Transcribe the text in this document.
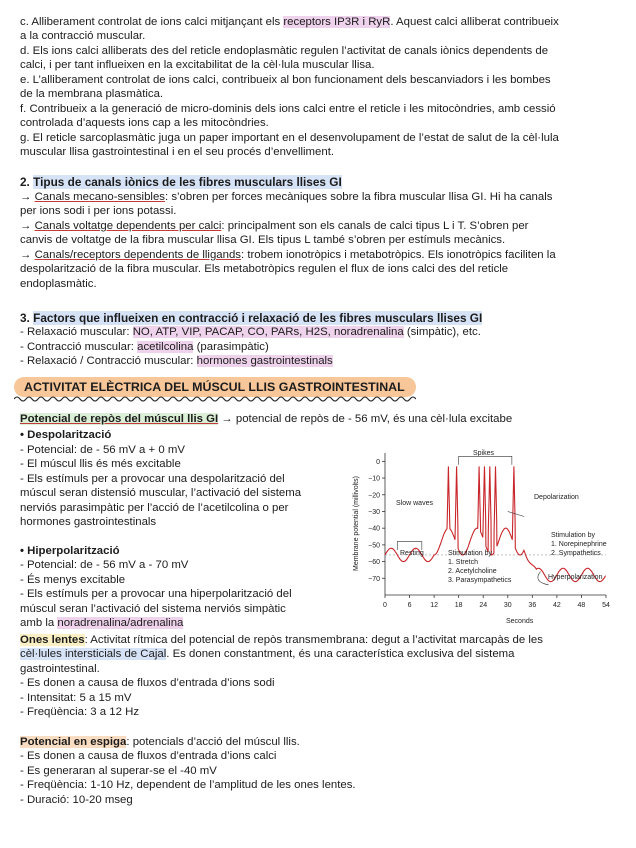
c. Alliberament controlat de ions calci mitjançant els receptors IP3R i RyR. Aquest calci alliberat contribueix
a la contracció muscular.
d. Els ions calci alliberats des del reticle endoplasmàtic regulen l’activitat de canals iònics dependents de
calci, i per tant influeixen en la excitabilitat de la cèl·lula muscular llisa.
e. L’alliberament controlat de ions calci, contribueix al bon funcionament dels bescanviadors i les bombes
de la membrana plasmàtica.
f. Contribueix a la generació de micro-dominis dels ions calci entre el reticle i les mitocòndries, amb cessió
controlada d’aquests ions cap a les mitocòndries.
g. El reticle sarcoplasmàtic juga un paper important en el desenvolupament de l’estat de salut de la cèl·lula
muscular llisa gastrointestinal i en el seu procés d’envelliment.
2. Tipus de canals iònics de les fibres musculars llises GI
→ Canals mecano-sensibles: s’obren per forces mecàniques sobre la fibra muscular llisa GI. Hi ha canals
per ions sodi i per ions potassi.
→ Canals voltatge dependents per calci: principalment son els canals de calci tipus L i T. S’obren per
canvis de voltatge de la fibra muscular llisa GI. Els tipus L també s’obren per estímuls mecànics.
→ Canals/receptors dependents de lligands: trobem ionotròpics i metabotròpics. Els ionotròpics faciliten la
despolarització de la fibra muscular. Els metabotròpics regulen el flux de ions calci des del reticle
endoplasmàtic.
3. Factors que influeixen en contracció i relaxació de les fibres musculars llises GI
- Relaxació muscular: NO, ATP, VIP, PACAP, CO, PARs, H2S, noradrenalina (simpàtic), etc.
- Contracció muscular: acetilcolina (parasimpàtic)
- Relaxació / Contracció muscular: hormones gastrointestinals
ACTIVITAT ELÈCTRICA DEL MÚSCUL LLIS GASTROINTESTINAL
Potencial de repòs del múscul llis GI → potencial de repòs de - 56 mV, és una cèl·lula excitabe
• Despolarització
- Potencial: de - 56 mV a + 0 mV
- El múscul llis és més excitable
- Els estímuls per a provocar una despolarització del
múscul seran distensió muscular, l’activació del sistema
nerviós parasimpàtic per l’acció de l’acetilcolina o per
hormones gastrointestinals
• Hiperpolarització
- Potencial: de - 56 mV a - 70 mV
- És menys excitable
- Els estímuls per a provocar una hiperpolarització del
múscul seran l’activació del sistema nerviós simpàtic
amb la noradrenalina/adrenalina
Ones lentes: Activitat rítmica del potencial de repòs transmembrana: degut a l’activitat marcapàs de les
cèl·lules intersticials de Cajal. Es donen constantment, és una característica exclusiva del sistema
gastrointestinal.
- Es donen a causa de fluxos d’entrada d’ions sodi
- Intensitat: 5 a 15 mV
- Freqüència: 3 a 12 Hz
Potencial en espiga: potencials d’acció del múscul llis.
- Es donen a causa de fluxos d’entrada d’ions calci
- Es generaran al superar-se el -40 mV
- Freqüència: 1-10 Hz, dependent de l’amplitud de les ones lentes.
- Duració: 10-20 mseg
0
−10
−20
−30
−40
−50
−60
−70
0	6	12 18 24 30 36 42 48 54
Spikes
Depolarization
Slow waves
Resting	Stimulation by
1. Stretch
2. Acetylcholine
3. Parasympathetics
Stimulation by
1. Norepinephrine
2. Sympathetics
Hyperpolarization
Seconds
Membrane potential (millivolts)
